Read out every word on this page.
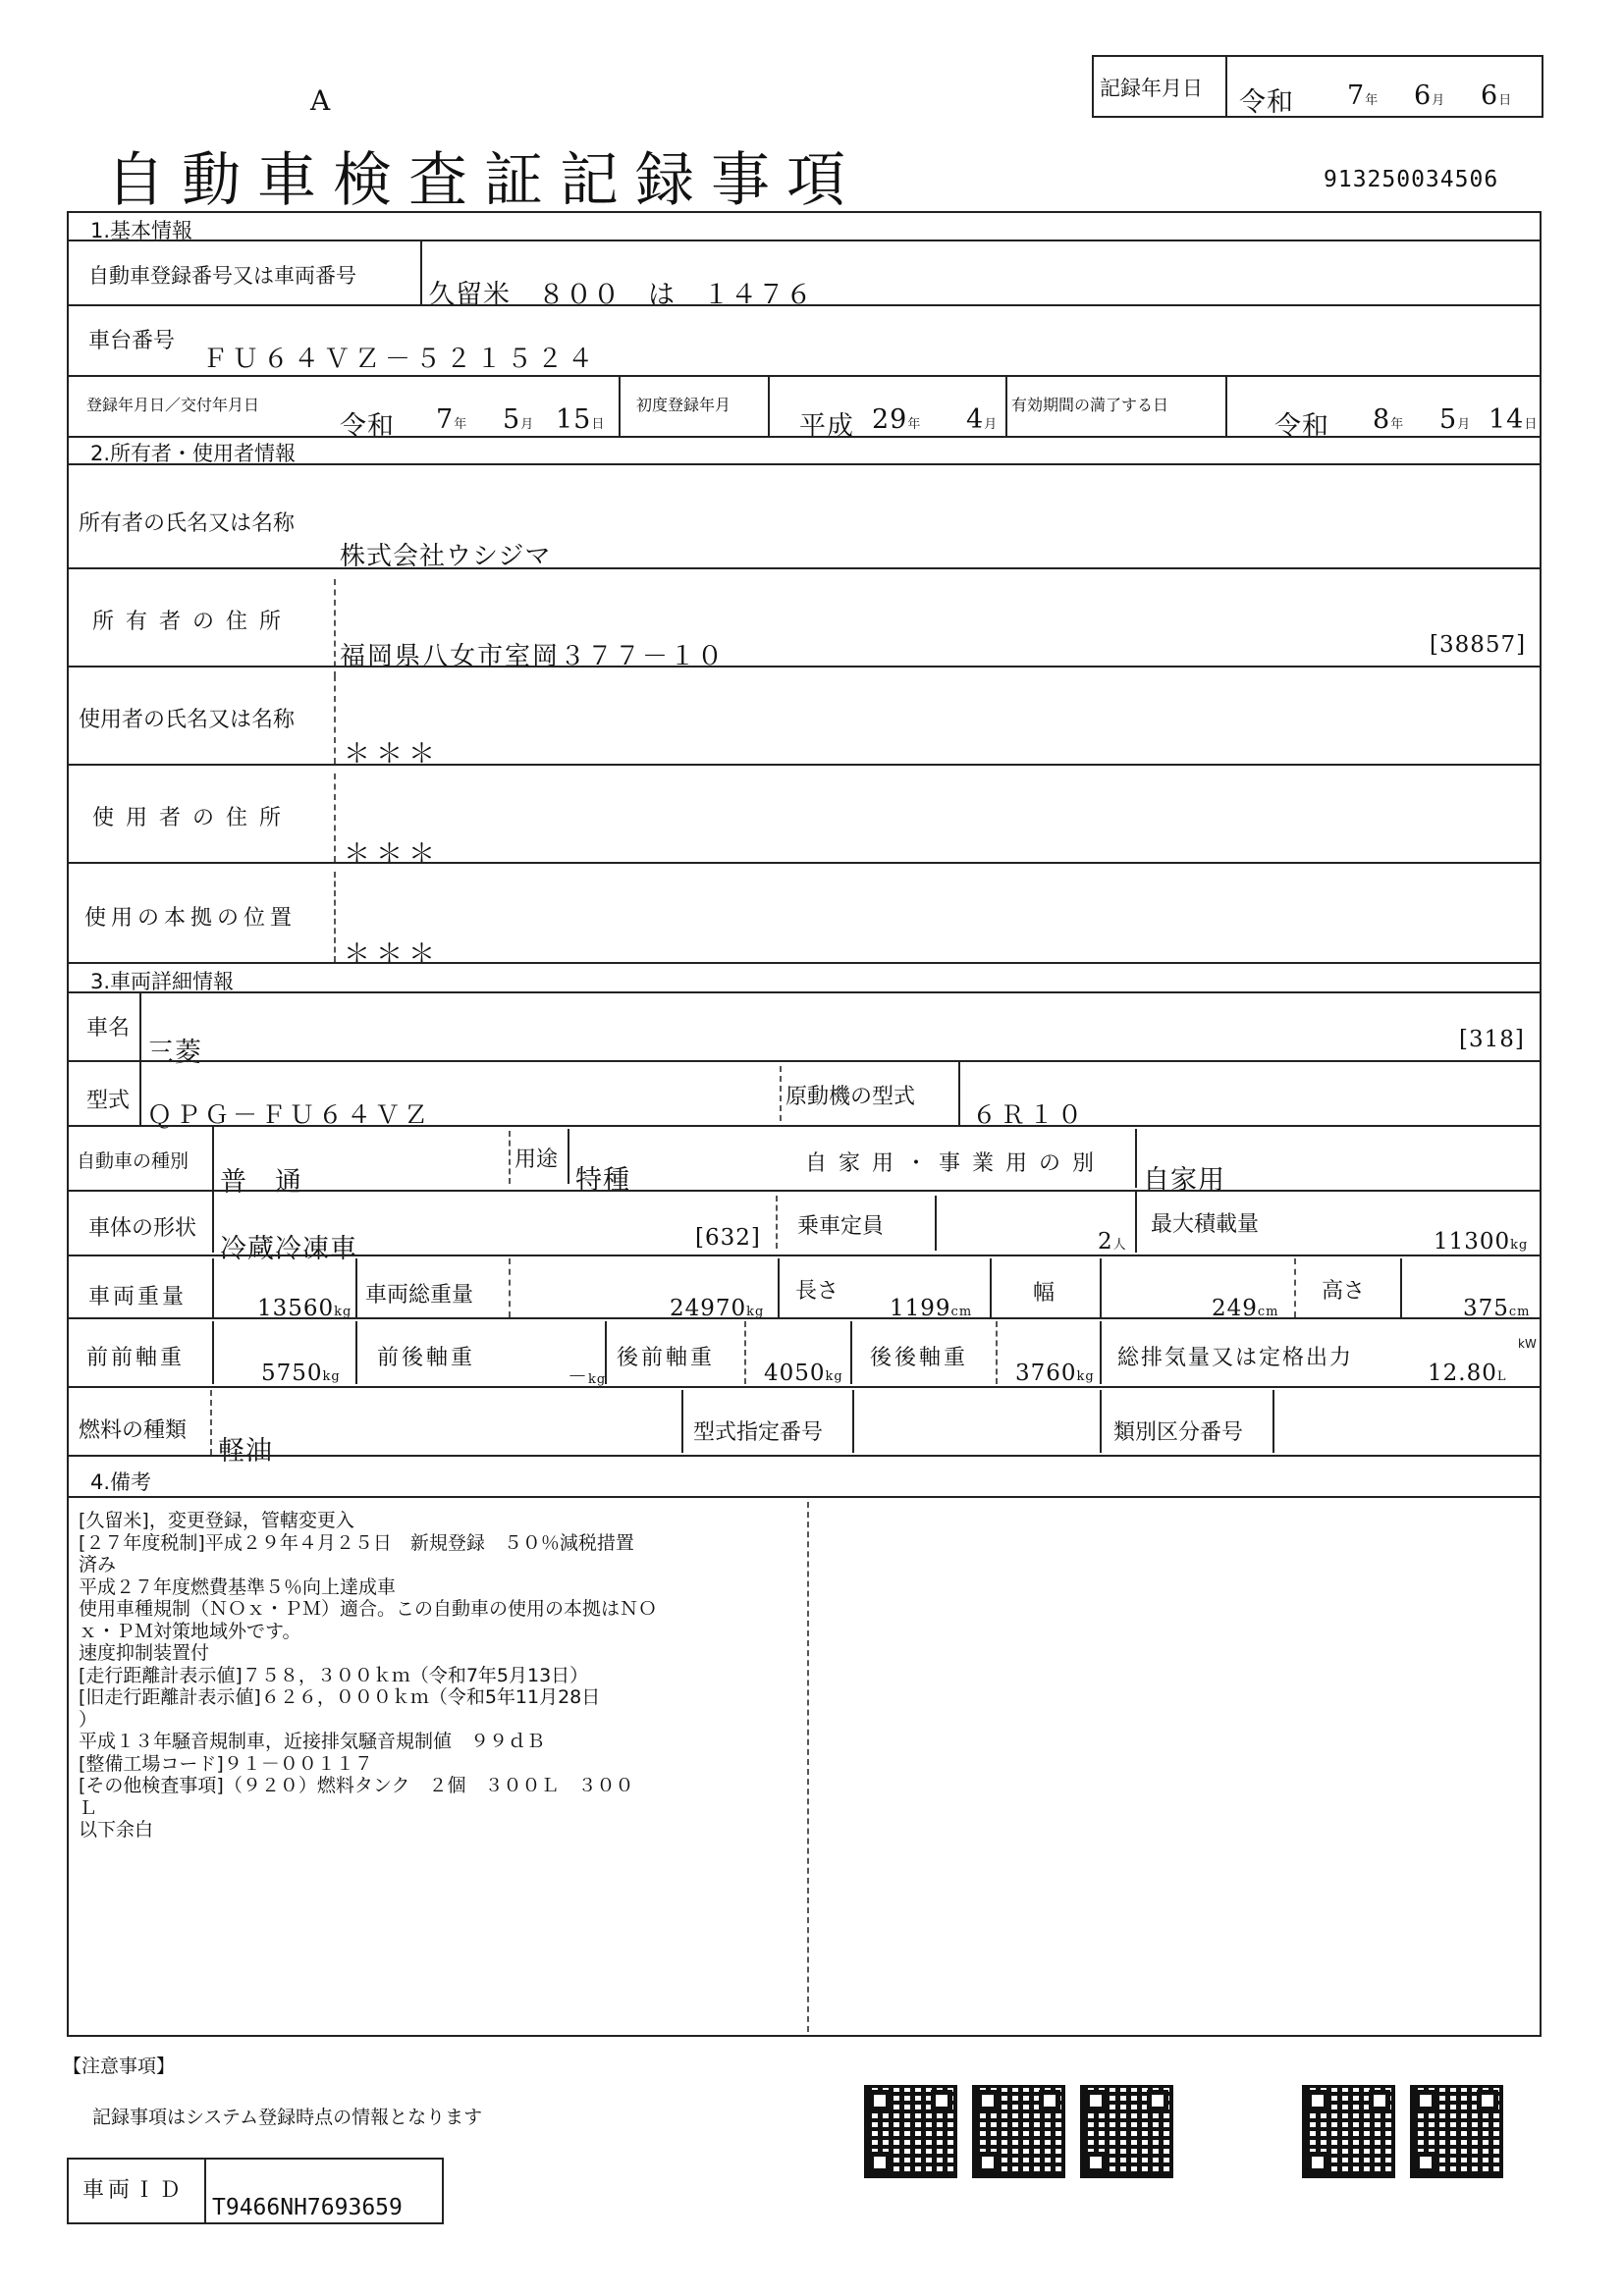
A	記録年月日 令和 7年 6月 6日
自動車検査証記録事項	913250034506
1.基本情報
自動車登録番号又は車両番号
久留米　８００　は　１４７６
車台番号
ＦＵ６４ＶＺ－５２１５２４
登録年月日／交付年月日
令和 7年 5月 15日
初度登録年月
平成 29年 4月
有効期間の満了する日
令和 8年 5月 14日
2.所有者・使用者情報
所有者の氏名又は名称
株式会社ウシジマ
所有者の住所
福岡県八女市室岡３７７－１０	[38857]
使用者の氏名又は名称
＊＊＊
使用者の住所
＊＊＊
使用の本拠の位置
＊＊＊
3.車両詳細情報
車名
三菱	[318]
型式 ＱＰＧ－ＦＵ６４ＶＺ
原動機の型式
６Ｒ１０
自動車の種別
普　通
用途
特種
自家用・事業用の別
自家用
車体の形状
冷蔵冷凍車	[632] 乗車定員
2人
最大積載量
11300kg
車両重量	13560kg
車両総重量
24970kg
長さ
1199cm
幅
249cm
高さ
375cm
前前軸重
5750kg
前後軸重
－kg
後前軸重
4050kg
後後軸重
3760kg
総排気量又は定格出力
12.80L
kW
燃料の種類
軽油
型式指定番号	類別区分番号
4.備考
[久留米]，変更登録，管轄変更入
[２７年度税制]平成２９年４月２５日　新規登録　５０％減税措置
済み
平成２７年度燃費基準５％向上達成車
使用車種規制（ＮＯｘ・ＰＭ）適合。この自動車の使用の本拠はＮＯ
ｘ・ＰＭ対策地域外です。
速度抑制装置付
[走行距離計表示値]７５８，３００ｋｍ（令和7年5月13日）
[旧走行距離計表示値]６２６，０００ｋｍ（令和5年11月28日
）
平成１３年騒音規制車，近接排気騒音規制値　９９ｄＢ
[整備工場コード]９１－００１１７
[その他検査事項]（９２０）燃料タンク　２個　３００Ｌ　３００
Ｌ
以下余白
【注意事項】
記録事項はシステム登録時点の情報となります
車両ＩＤ
T9466NH7693659
